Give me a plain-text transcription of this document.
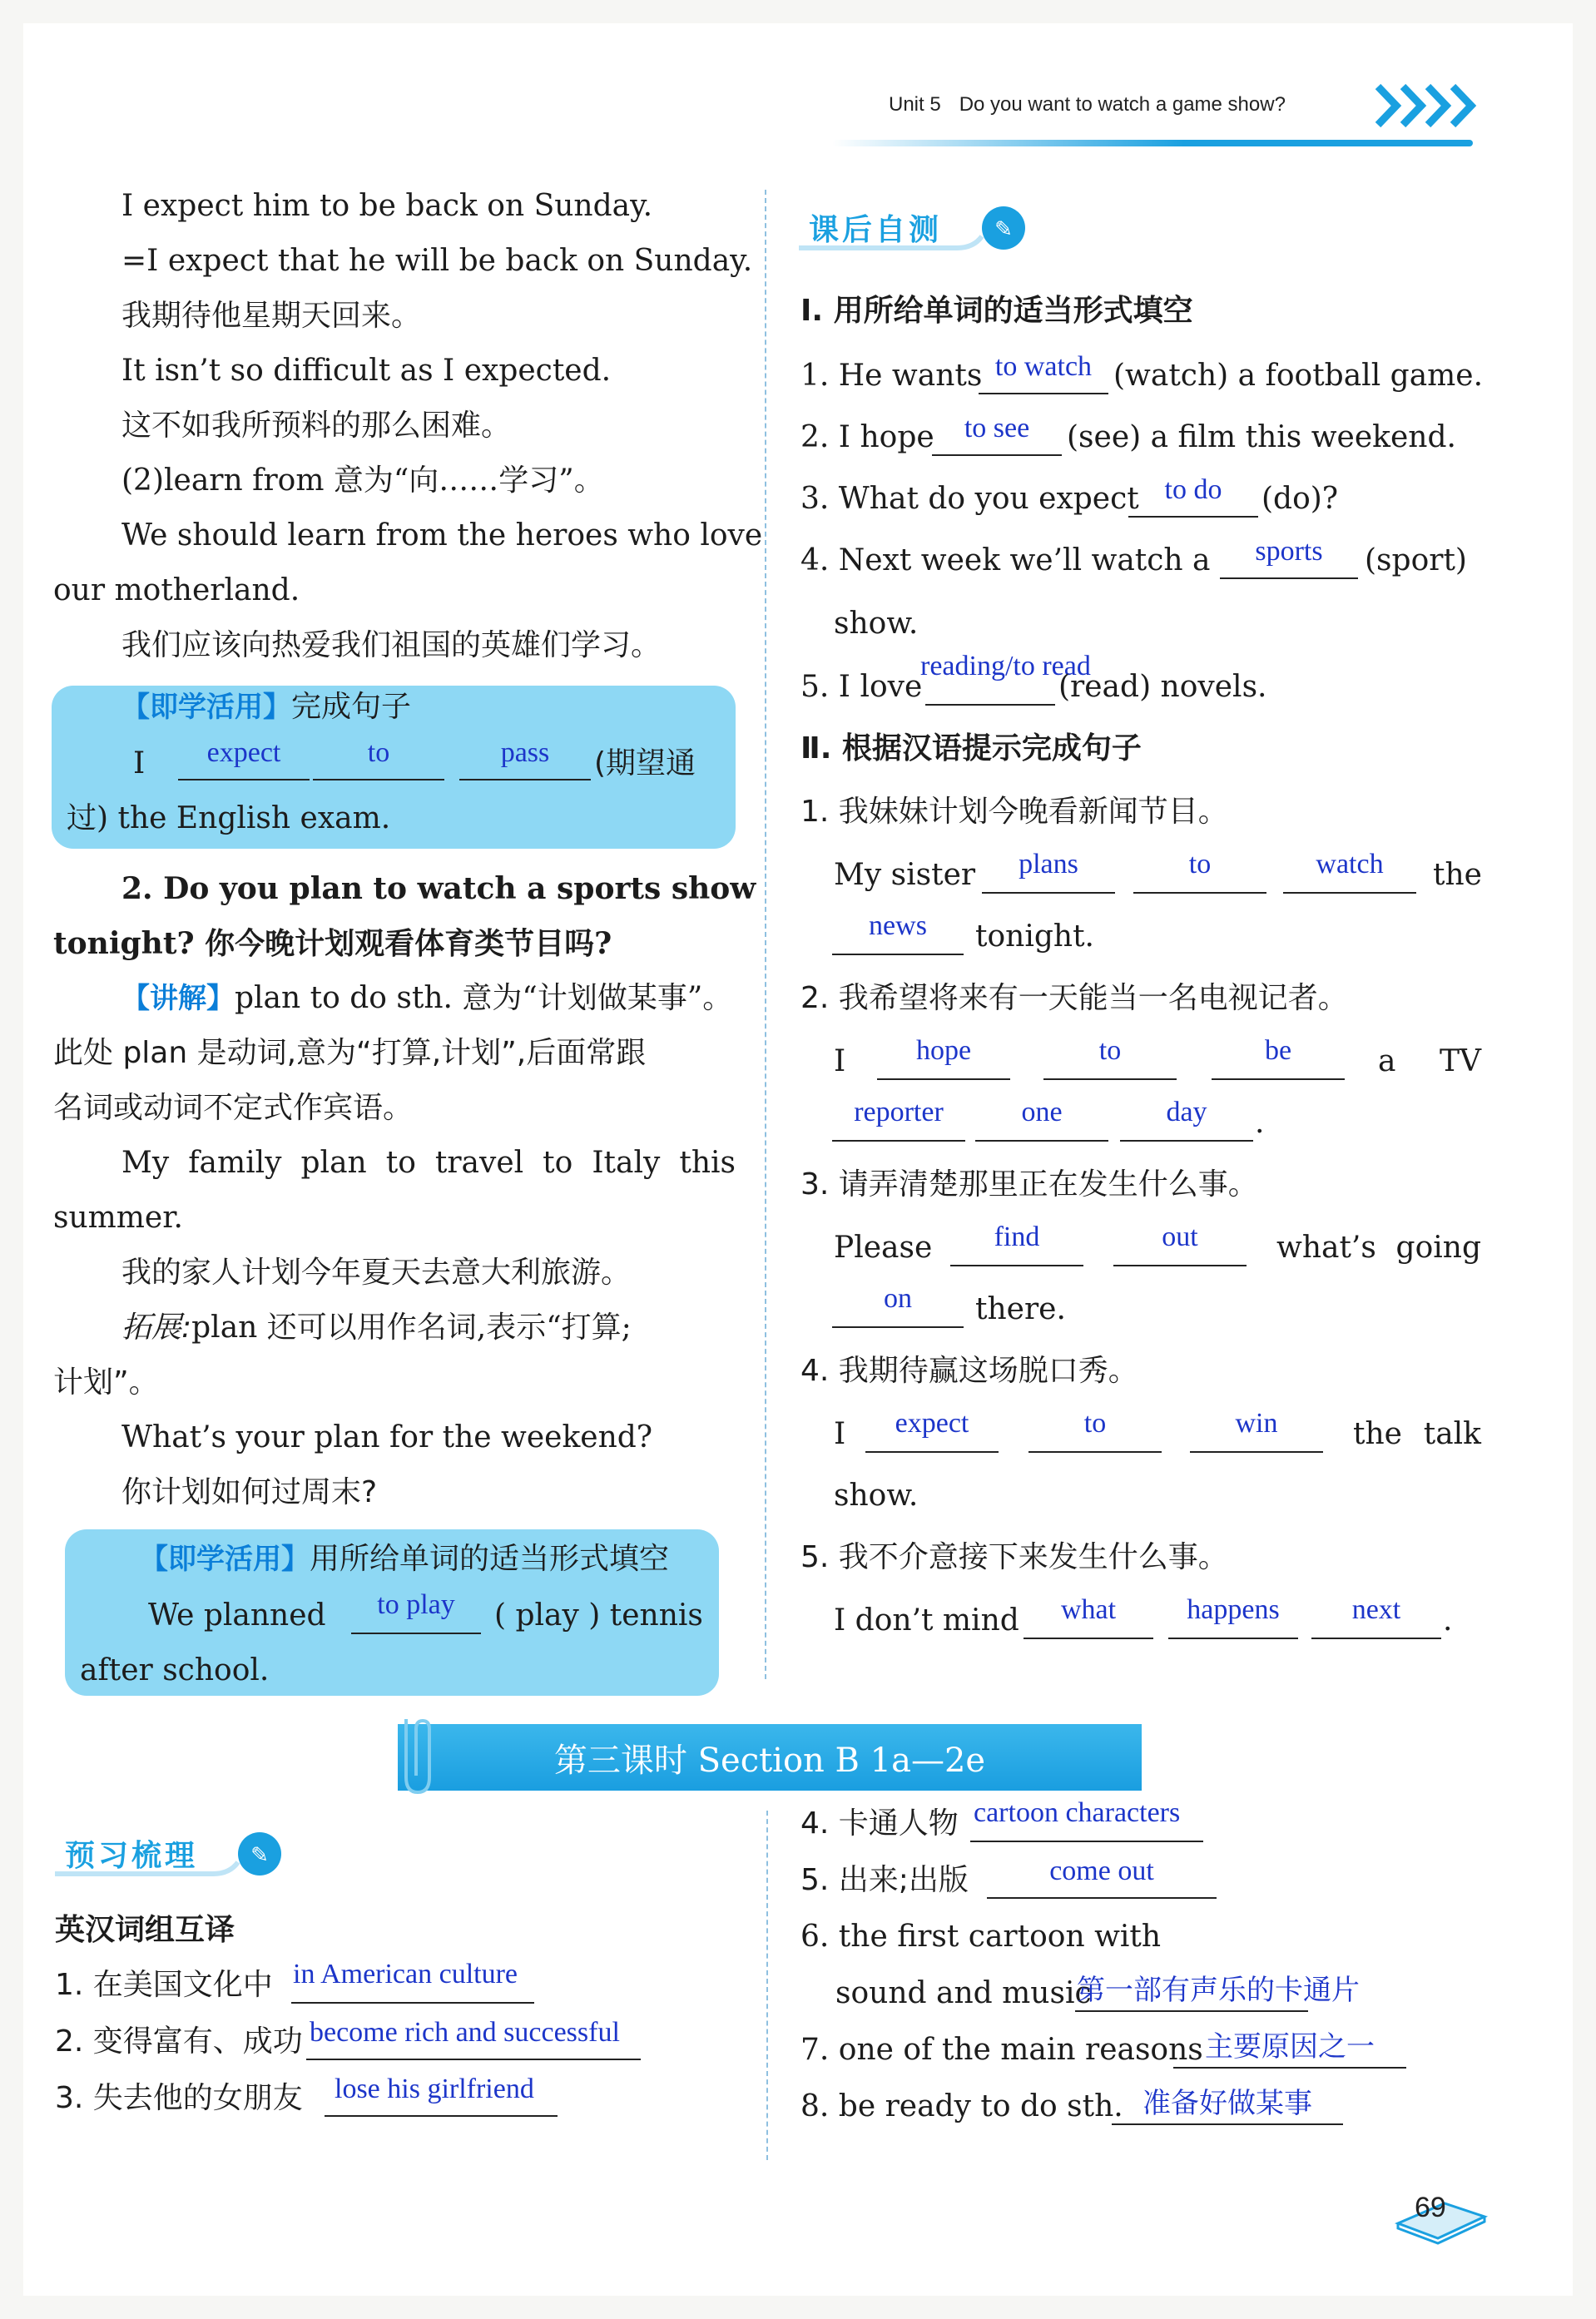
Unit 5 Do you want to watch a game show?
I expect him to be back on Sunday.
=I expect that he will be back on Sunday.
我期待他星期天回来。
It isn’t so difficult as I expected.
这不如我所预料的那么困难。
(2)learn from 意为“向……学习”。
We should learn from the heroes who love
our motherland.
我们应该向热爱我们祖国的英雄们学习。
【即学活用】完成句子
I	expect	to	pass	(期望通
过) the English exam.
2. Do you plan to watch a sports show
tonight? 你今晚计划观看体育类节目吗?
【讲解】plan to do sth. 意为“计划做某事”。
此处 plan 是动词,意为“打算,计划”,后面常跟
名词或动词不定式作宾语。
My family plan to travel to Italy this
summer.
我的家人计划今年夏天去意大利旅游。
拓展:plan 还可以用作名词,表示“打算;
计划”。
What’s your plan for the weekend?
你计划如何过周末?
【即学活用】用所给单词的适当形式填空
We planned	to play	( play ) tennis
after school.
✎
课后自测
Ⅰ. 用所给单词的适当形式填空
1. He wants to watch (watch) a football game.
2. I hope	to see	(see) a film this weekend.
3. What do you expect to do	(do)?
4. Next week we’ll watch a	sports	(sport)
show.
5. I love
reading/to read
(read) novels.
Ⅱ. 根据汉语提示完成句子
1. 我妹妹计划今晚看新闻节目。
My sister	plans	to	watch	the
news	tonight.
2. 我希望将来有一天能当一名电视记者。
I	hope	to	be	a TV
reporter	one	day	.
3. 请弄清楚那里正在发生什么事。
Please	find	out	what’s going
on	there.
4. 我期待赢这场脱口秀。
I	expect	to	win	the talk
show.
5. 我不介意接下来发生什么事。
I don’t mind	what	happens	next	.
第三课时 Section B 1a—2e
✎
预习梳理
英汉词组互译
1. 在美国文化中 in American culture
2. 变得富有、成功 become rich and successful
3. 失去他的女朋友 lose his girlfriend
4. 卡通人物 cartoon characters
5. 出来;出版	come out
6. the first cartoon with
sound and music
第一部有声乐的卡通片
7. one of the main reasons 主要原因之一
8. be ready to do sth. 准备好做某事
69
